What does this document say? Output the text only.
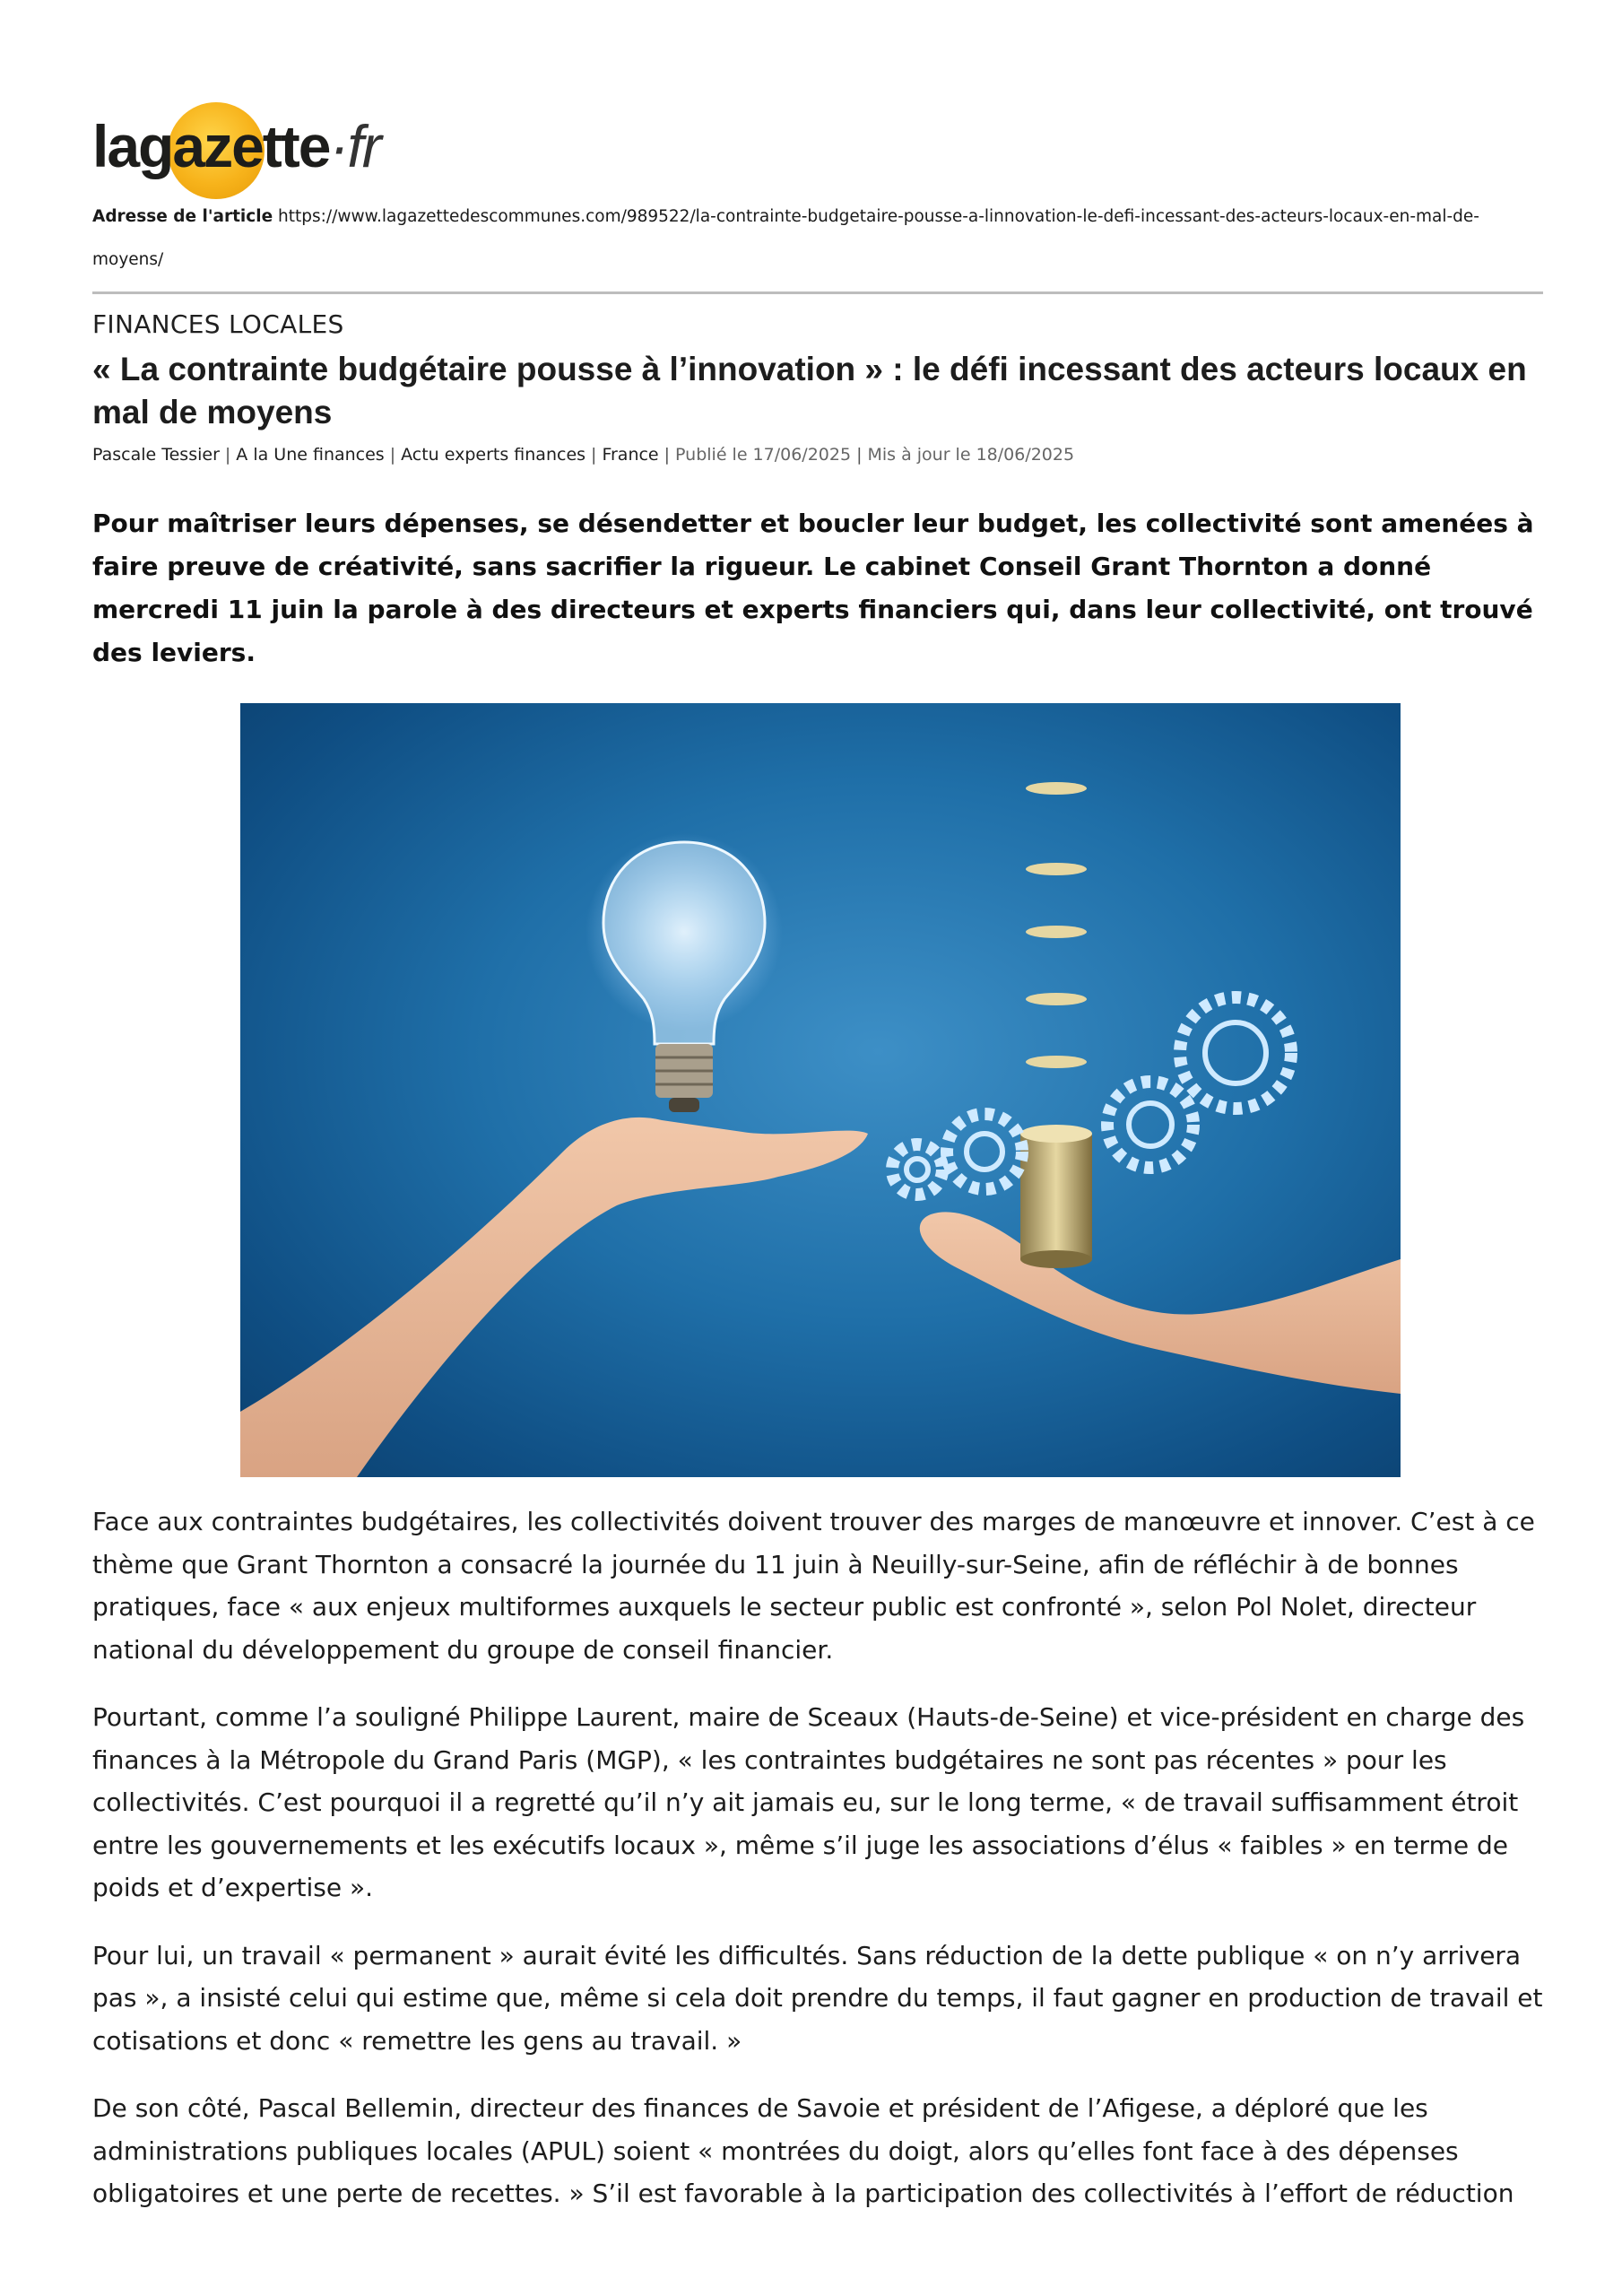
lagazette·fr
Adresse de l'article https://www.lagazettedescommunes.com/989522/la-contrainte-budgetaire-pousse-a-linnovation-le-defi-incessant-des-acteurs-locaux-en-mal-de-moyens/
FINANCES LOCALES
« La contrainte budgétaire pousse à l’innovation » : le défi incessant des acteurs locaux en mal de moyens
Pascale Tessier | A la Une finances | Actu experts finances | France | Publié le 17/06/2025 | Mis à jour le 18/06/2025

Pour maîtriser leurs dépenses, se désendetter et boucler leur budget, les collectivité sont amenées à faire preuve de créativité, sans sacrifier la rigueur. Le cabinet Conseil Grant Thornton a donné mercredi 11 juin la parole à des directeurs et experts financiers qui, dans leur collectivité, ont trouvé des leviers.

Face aux contraintes budgétaires, les collectivités doivent trouver des marges de manœuvre et innover. C’est à ce thème que Grant Thornton a consacré la journée du 11 juin à Neuilly-sur-Seine, afin de réfléchir à de bonnes pratiques, face « aux enjeux multiformes auxquels le secteur public est confronté », selon Pol Nolet, directeur national du développement du groupe de conseil financier.

Pourtant, comme l’a souligné Philippe Laurent, maire de Sceaux (Hauts-de-Seine) et vice-président en charge des finances à la Métropole du Grand Paris (MGP), « les contraintes budgétaires ne sont pas récentes » pour les collectivités. C’est pourquoi il a regretté qu’il n’y ait jamais eu, sur le long terme, « de travail suffisamment étroit entre les gouvernements et les exécutifs locaux », même s’il juge les associations d’élus « faibles » en terme de poids et d’expertise ».

Pour lui, un travail « permanent » aurait évité les difficultés. Sans réduction de la dette publique « on n’y arrivera pas », a insisté celui qui estime que, même si cela doit prendre du temps, il faut gagner en production de travail et cotisations et donc « remettre les gens au travail. »

De son côté, Pascal Bellemin, directeur des finances de Savoie et président de l’Afigese, a déploré que les administrations publiques locales (APUL) soient « montrées du doigt, alors qu’elles font face à des dépenses obligatoires et une perte de recettes. » S’il est favorable à la participation des collectivités à l’effort de réduction
